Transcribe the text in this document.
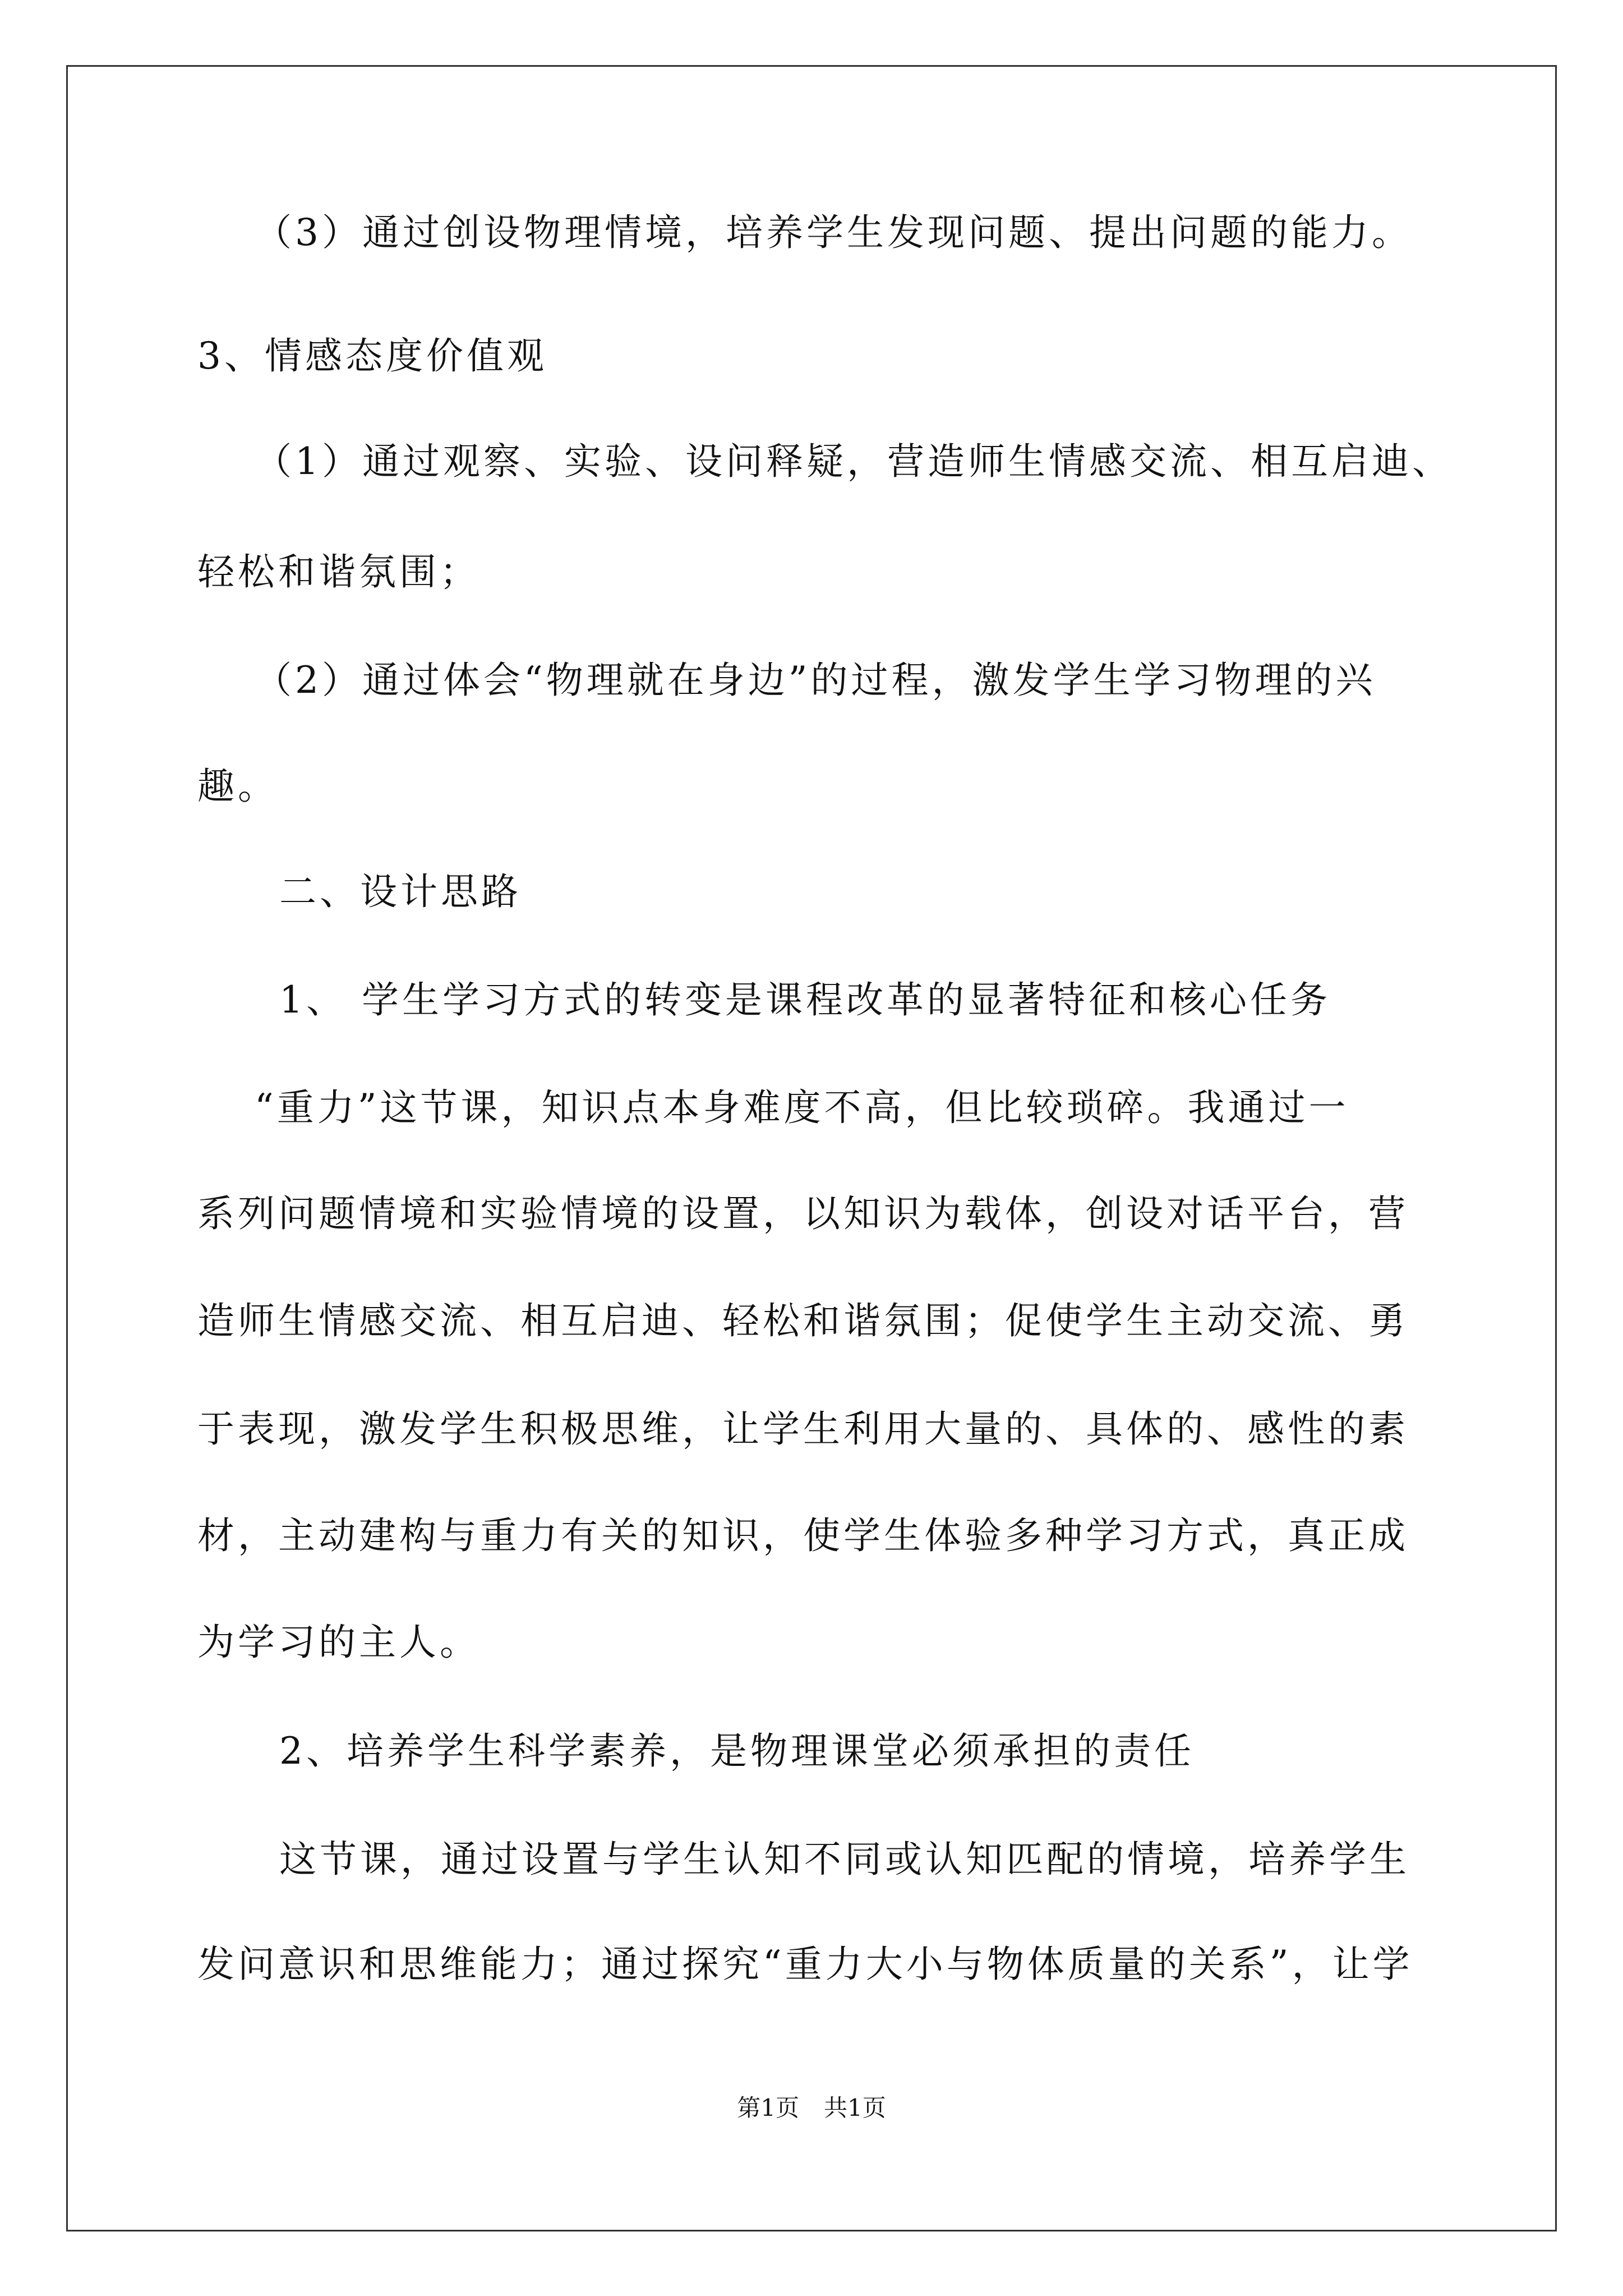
（3）通过创设物理情境，培养学生发现问题、提出问题的能力。
3、情感态度价值观
（1）通过观察、实验、设问释疑，营造师生情感交流、相互启迪、
轻松和谐氛围；
（2）通过体会“物理就在身边”的过程，激发学生学习物理的兴
趣。
二、设计思路
1、 学生学习方式的转变是课程改革的显著特征和核心任务
“重力”这节课，知识点本身难度不高，但比较琐碎。我通过一
系列问题情境和实验情境的设置，以知识为载体，创设对话平台，营
造师生情感交流、相互启迪、轻松和谐氛围；促使学生主动交流、勇
于表现，激发学生积极思维，让学生利用大量的、具体的、感性的素
材，主动建构与重力有关的知识，使学生体验多种学习方式，真正成
为学习的主人。
2、培养学生科学素养，是物理课堂必须承担的责任
这节课，通过设置与学生认知不同或认知匹配的情境，培养学生
发问意识和思维能力；通过探究“重力大小与物体质量的关系”，让学
第1页 共1页
